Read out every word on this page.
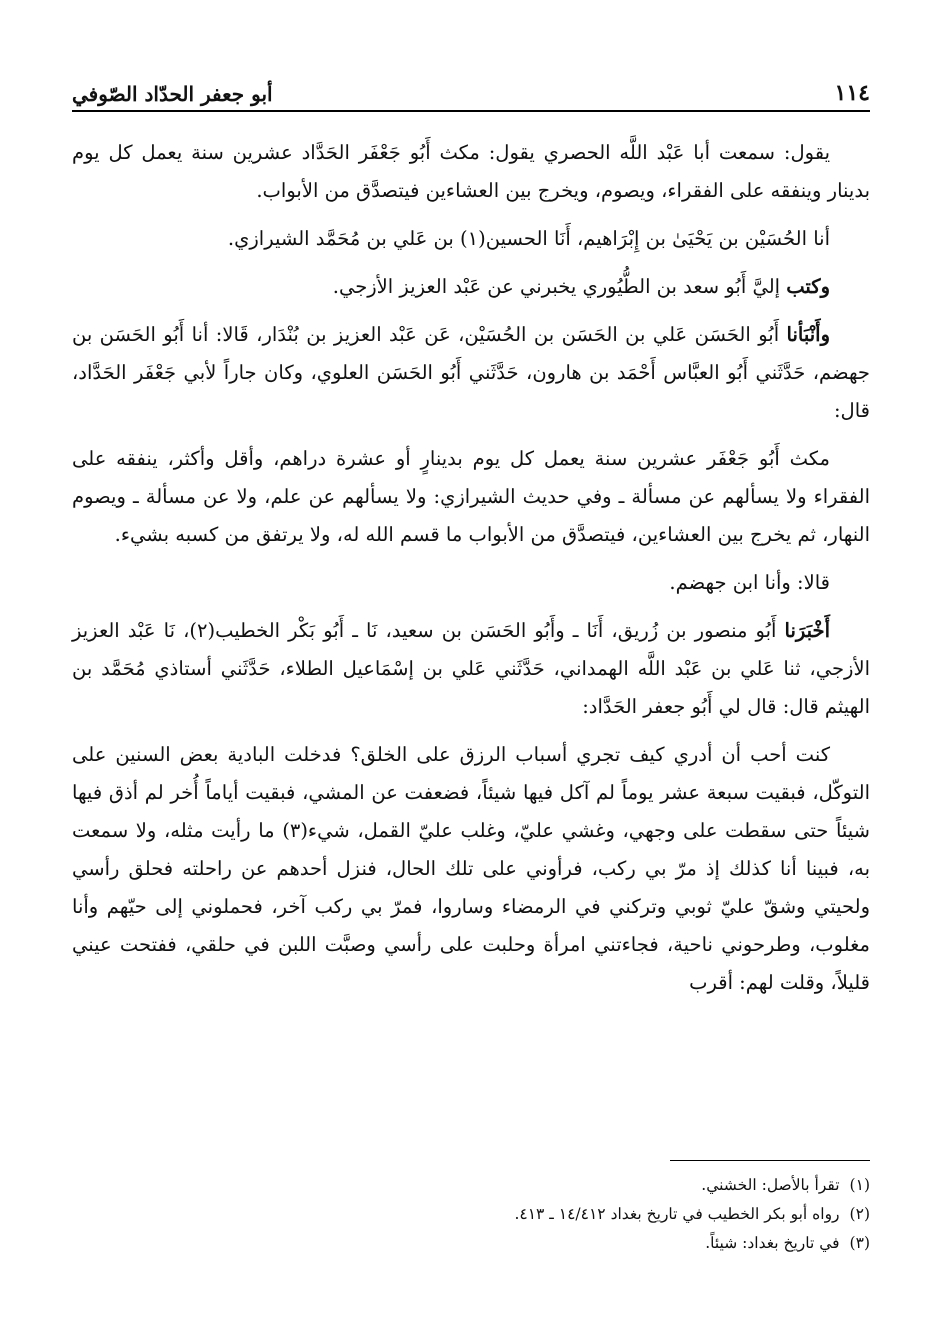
١١٤
أبو جعفر الحدّاد الصّوفي

يقول: سمعت أبا عَبْد اللَّه الحصري يقول: مكث أَبُو جَعْفَر الحَدَّاد عشرين سنة يعمل كل يوم بدينار وينفقه على الفقراء، ويصوم، ويخرج بين العشاءين فيتصدَّق من الأبواب.

أنا الحُسَيْن بن يَحْيَىٰ بن إِبْرَاهيم، أَنَا الحسين(١) بن عَلي بن مُحَمَّد الشيرازي.

وكتب إليَّ أَبُو سعد بن الطُّيُوري يخبرني عن عَبْد العزيز الأزجي.

وأَنْبَأنا أَبُو الحَسَن عَلي بن الحَسَن بن الحُسَيْن، عَن عَبْد العزيز بن بُنْدَار، قَالا: أنا أَبُو الحَسَن بن جهضم، حَدَّثَني أَبُو العبَّاس أَحْمَد بن هارون، حَدَّثَني أَبُو الحَسَن العلوي، وكان جاراً لأبي جَعْفَر الحَدَّاد، قال:

مكث أَبُو جَعْفَر عشرين سنة يعمل كل يوم بدينارٍ أو عشرة دراهم، وأقل وأكثر، ينفقه على الفقراء ولا يسألهم عن مسألة ـ وفي حديث الشيرازي: ولا يسألهم عن علم، ولا عن مسألة ـ ويصوم النهار، ثم يخرج بين العشاءين، فيتصدَّق من الأبواب ما قسم الله له، ولا يرتفق من كسبه بشيء.

قالا: وأنا ابن جهضم.

أَخْبَرَنا أَبُو منصور بن زُريق، أَنَا ـ وأَبُو الحَسَن بن سعيد، نَا ـ أَبُو بَكْر الخطيب(٢)، نَا عَبْد العزيز الأزجي، ثنا عَلي بن عَبْد اللَّه الهمداني، حَدَّثَني عَلي بن إسْمَاعيل الطلاء، حَدَّثَني أستاذي مُحَمَّد بن الهيثم قال: قال لي أَبُو جعفر الحَدَّاد:

كنت أحب أن أدري كيف تجري أسباب الرزق على الخلق؟ فدخلت البادية بعض السنين على التوكّل، فبقيت سبعة عشر يوماً لم آكل فيها شيئاً، فضعفت عن المشي، فبقيت أياماً أُخر لم أذق فيها شيئاً حتى سقطت على وجهي، وغشي عليّ، وغلب عليّ القمل، شيء(٣) ما رأيت مثله، ولا سمعت به، فبينا أنا كذلك إذ مرّ بي ركب، فرأوني على تلك الحال، فنزل أحدهم عن راحلته فحلق رأسي ولحيتي وشقّ عليّ ثوبي وتركني في الرمضاء وساروا، فمرّ بي ركب آخر، فحملوني إلى حيّهم وأنا مغلوب، وطرحوني ناحية، فجاءتني امرأة وحلبت على رأسي وصبَّت اللبن في حلقي، ففتحت عيني قليلاً، وقلت لهم: أقرب

(١)
تقرأ بالأصل: الخشني.
(٢)
رواه أبو بكر الخطيب في تاريخ بغداد ١٤/٤١٢ ـ ٤١٣.
(٣)
في تاريخ بغداد: شيئاً.
